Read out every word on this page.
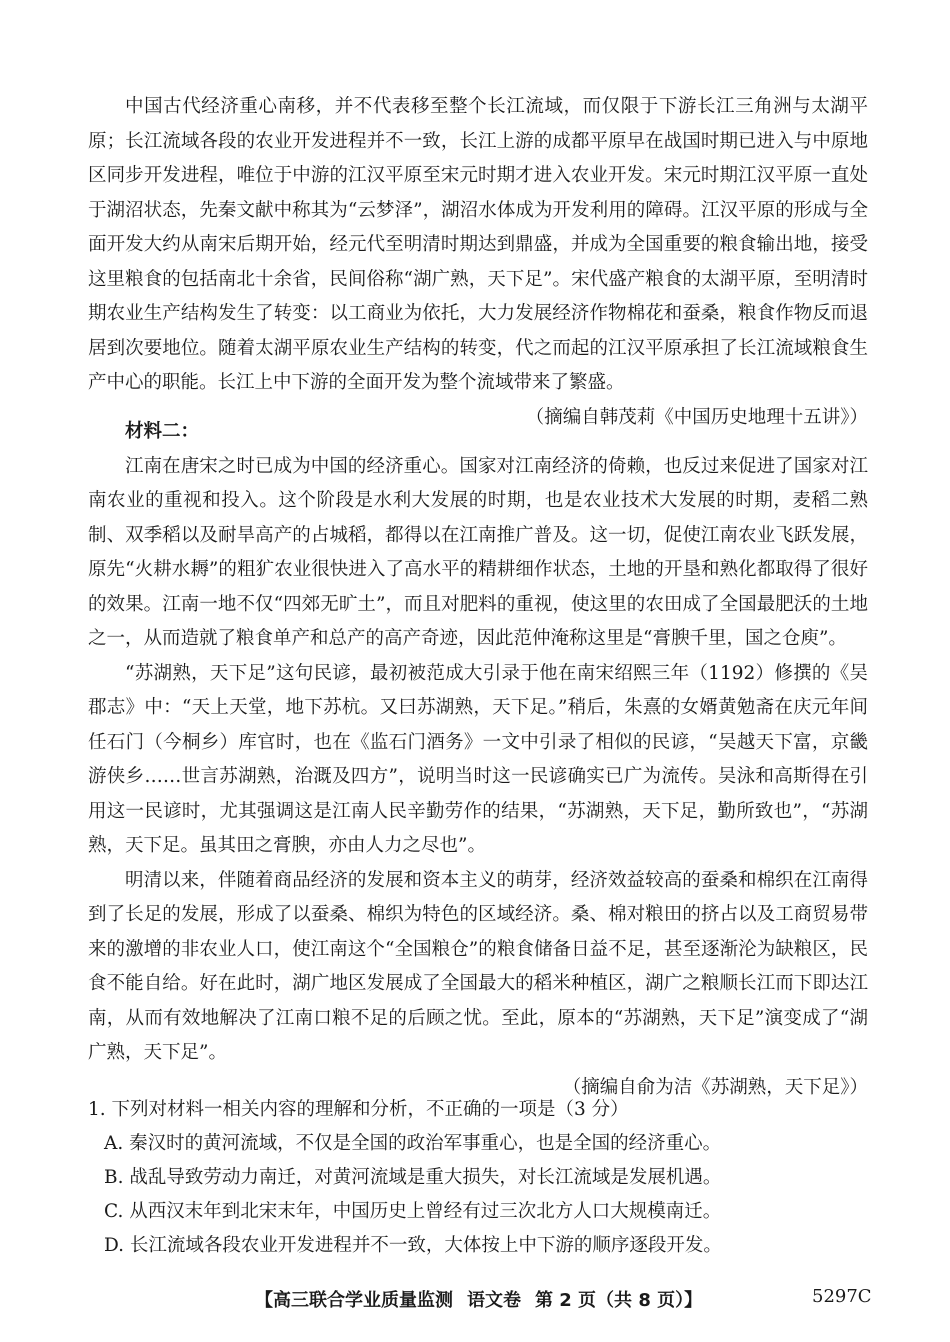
中国古代经济重心南移，并不代表移至整个长江流域，而仅限于下游长江三角洲与太湖平原；长江流域各段的农业开发进程并不一致，长江上游的成都平原早在战国时期已进入与中原地区同步开发进程，唯位于中游的江汉平原至宋元时期才进入农业开发。宋元时期江汉平原一直处于湖沼状态，先秦文献中称其为“云梦泽”，湖沼水体成为开发利用的障碍。江汉平原的形成与全面开发大约从南宋后期开始，经元代至明清时期达到鼎盛，并成为全国重要的粮食输出地，接受这里粮食的包括南北十余省，民间俗称“湖广熟，天下足”。宋代盛产粮食的太湖平原，至明清时期农业生产结构发生了转变：以工商业为依托，大力发展经济作物棉花和蚕桑，粮食作物反而退居到次要地位。随着太湖平原农业生产结构的转变，代之而起的江汉平原承担了长江流域粮食生产中心的职能。长江上中下游的全面开发为整个流域带来了繁盛。

（摘编自韩茂莉《中国历史地理十五讲》）

材料二：

江南在唐宋之时已成为中国的经济重心。国家对江南经济的倚赖，也反过来促进了国家对江南农业的重视和投入。这个阶段是水利大发展的时期，也是农业技术大发展的时期，麦稻二熟制、双季稻以及耐旱高产的占城稻，都得以在江南推广普及。这一切，促使江南农业飞跃发展，原先“火耕水耨”的粗犷农业很快进入了高水平的精耕细作状态，土地的开垦和熟化都取得了很好的效果。江南一地不仅“四郊无旷土”，而且对肥料的重视，使这里的农田成了全国最肥沃的土地之一，从而造就了粮食单产和总产的高产奇迹，因此范仲淹称这里是“膏腴千里，国之仓庾”。

“苏湖熟，天下足”这句民谚，最初被范成大引录于他在南宋绍熙三年（1192）修撰的《吴郡志》中：“天上天堂，地下苏杭。又曰苏湖熟，天下足。”稍后，朱熹的女婿黄勉斋在庆元年间任石门（今桐乡）库官时，也在《监石门酒务》一文中引录了相似的民谚，“吴越天下富，京畿游侠乡……世言苏湖熟，治溉及四方”，说明当时这一民谚确实已广为流传。吴泳和高斯得在引用这一民谚时，尤其强调这是江南人民辛勤劳作的结果，“苏湖熟，天下足，勤所致也”，“苏湖熟，天下足。虽其田之膏腴，亦由人力之尽也”。

明清以来，伴随着商品经济的发展和资本主义的萌芽，经济效益较高的蚕桑和棉织在江南得到了长足的发展，形成了以蚕桑、棉织为特色的区域经济。桑、棉对粮田的挤占以及工商贸易带来的激增的非农业人口，使江南这个“全国粮仓”的粮食储备日益不足，甚至逐渐沦为缺粮区，民食不能自给。好在此时，湖广地区发展成了全国最大的稻米种植区，湖广之粮顺长江而下即达江南，从而有效地解决了江南口粮不足的后顾之忧。至此，原本的“苏湖熟，天下足”演变成了“湖广熟，天下足”。

（摘编自俞为洁《苏湖熟，天下足》）

1. 下列对材料一相关内容的理解和分析，不正确的一项是（3 分）

A. 秦汉时的黄河流域，不仅是全国的政治军事重心，也是全国的经济重心。

B. 战乱导致劳动力南迁，对黄河流域是重大损失，对长江流域是发展机遇。

C. 从西汉末年到北宋末年，中国历史上曾经有过三次北方人口大规模南迁。

D. 长江流域各段农业开发进程并不一致，大体按上中下游的顺序逐段开发。

【高三联合学业质量监测 语文卷 第 2 页（共 8 页）】	5297C
